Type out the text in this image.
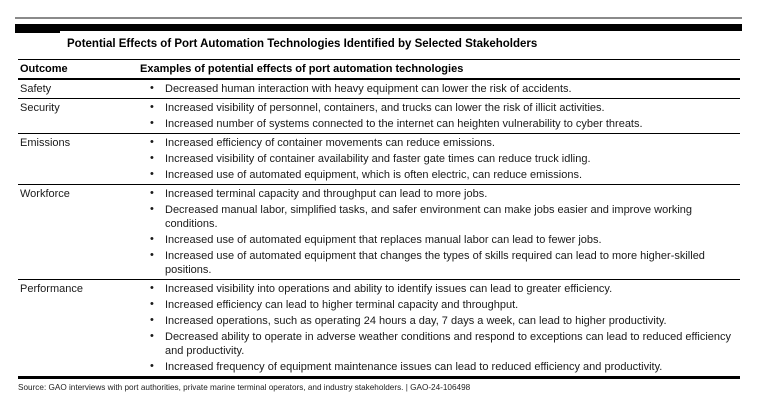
Potential Effects of Port Automation Technologies Identified by Selected Stakeholders
Outcome	Examples of potential effects of port automation technologies
Safety	• Decreased human interaction with heavy equipment can lower the risk of accidents.
Security	• Increased visibility of personnel, containers, and trucks can lower the risk of illicit activities.
• Increased number of systems connected to the internet can heighten vulnerability to cyber threats.
Emissions	• Increased efficiency of container movements can reduce emissions.
• Increased visibility of container availability and faster gate times can reduce truck idling.
• Increased use of automated equipment, which is often electric, can reduce emissions.
Workforce	• Increased terminal capacity and throughput can lead to more jobs.
• Decreased manual labor, simplified tasks, and safer environment can make jobs easier and improve working conditions.
• Increased use of automated equipment that replaces manual labor can lead to fewer jobs.
• Increased use of automated equipment that changes the types of skills required can lead to more higher-skilled positions.
Performance	• Increased visibility into operations and ability to identify issues can lead to greater efficiency.
• Increased efficiency can lead to higher terminal capacity and throughput.
• Increased operations, such as operating 24 hours a day, 7 days a week, can lead to higher productivity.
• Decreased ability to operate in adverse weather conditions and respond to exceptions can lead to reduced efficiency and productivity.
• Increased frequency of equipment maintenance issues can lead to reduced efficiency and productivity.
Source: GAO interviews with port authorities, private marine terminal operators, and industry stakeholders. | GAO-24-106498
